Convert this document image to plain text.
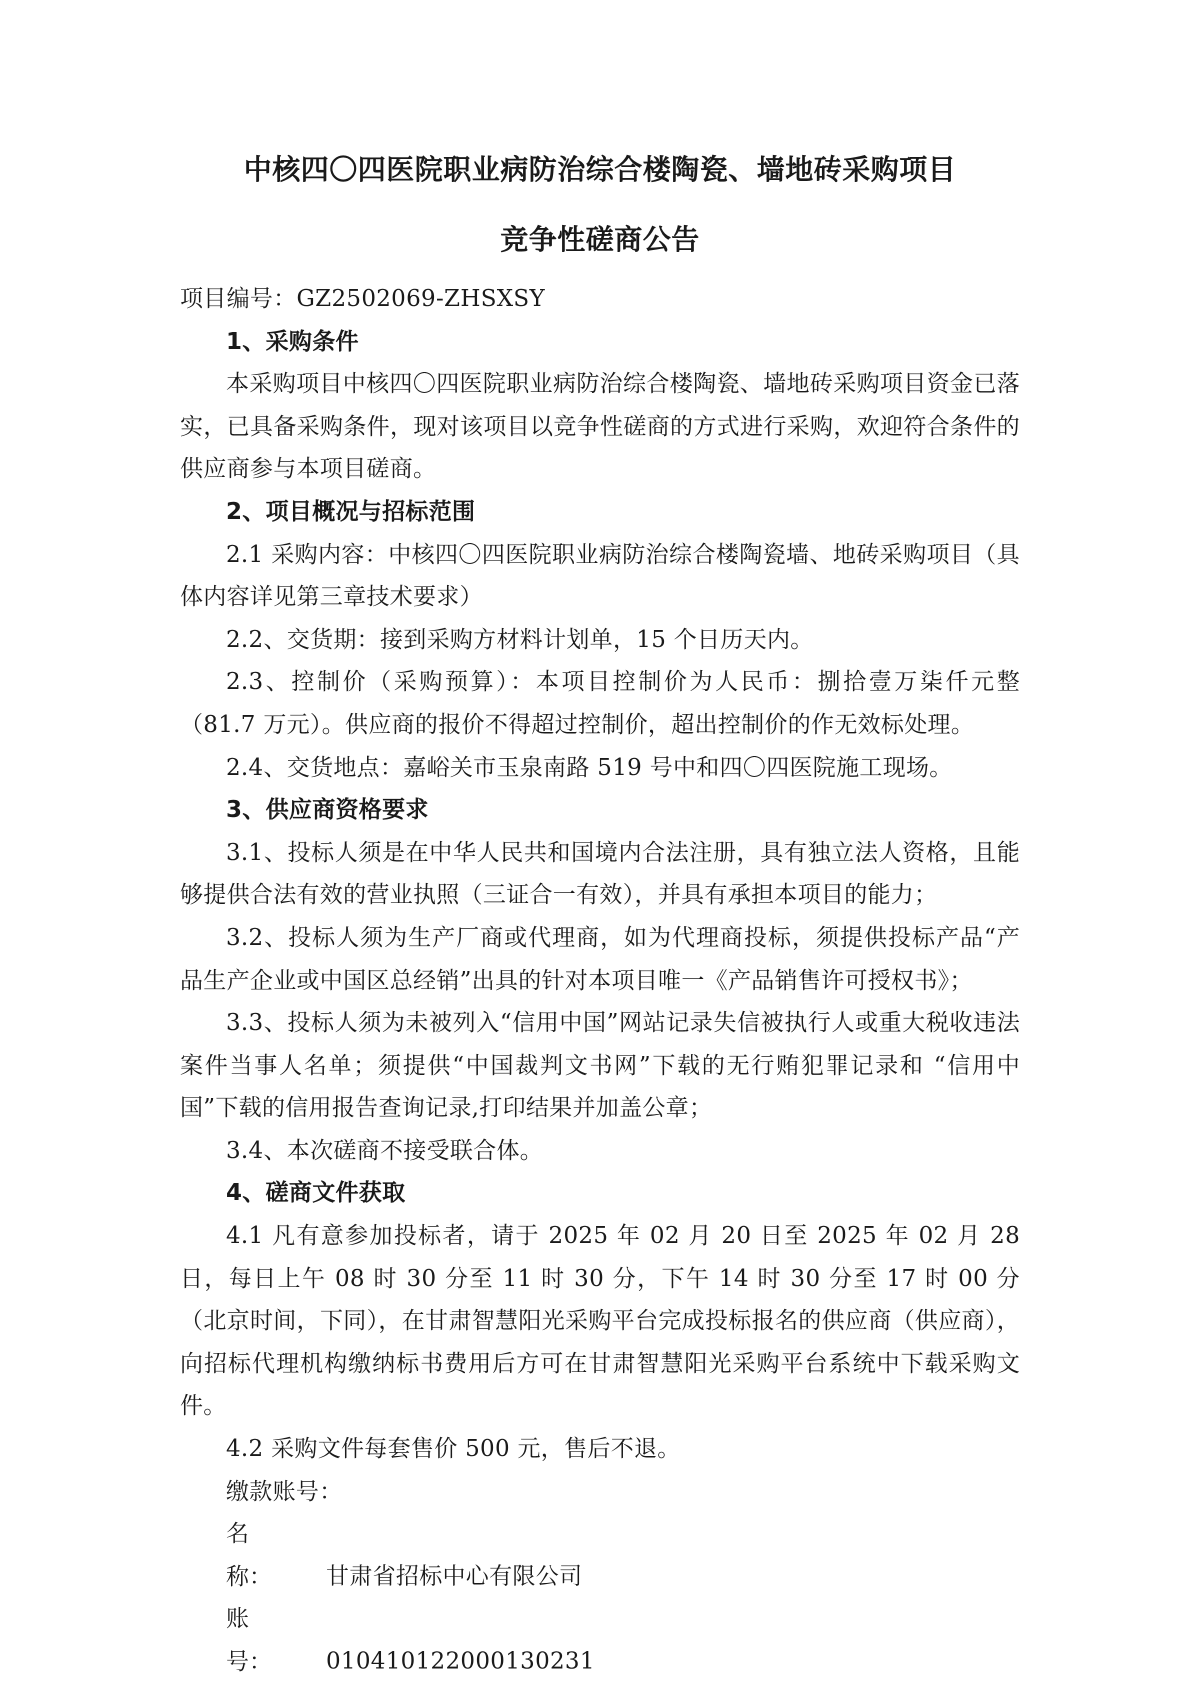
中核四〇四医院职业病防治综合楼陶瓷、墙地砖采购项目
竞争性磋商公告

项目编号：GZ2502069-ZHSXSY

1、采购条件

本采购项目中核四〇四医院职业病防治综合楼陶瓷、墙地砖采购项目资金已落实，已具备采购条件，现对该项目以竞争性磋商的方式进行采购，欢迎符合条件的供应商参与本项目磋商。

2、项目概况与招标范围

2.1 采购内容：中核四〇四医院职业病防治综合楼陶瓷墙、地砖采购项目（具体内容详见第三章技术要求）

2.2、交货期：接到采购方材料计划单，15 个日历天内。

2.3、控制价（采购预算）：本项目控制价为人民币：捌拾壹万柒仟元整（81.7 万元）。供应商的报价不得超过控制价，超出控制价的作无效标处理。

2.4、交货地点：嘉峪关市玉泉南路 519 号中和四〇四医院施工现场。

3、供应商资格要求

3.1、投标人须是在中华人民共和国境内合法注册，具有独立法人资格，且能够提供合法有效的营业执照（三证合一有效），并具有承担本项目的能力；

3.2、投标人须为生产厂商或代理商，如为代理商投标，须提供投标产品“产品生产企业或中国区总经销”出具的针对本项目唯一《产品销售许可授权书》；

3.3、投标人须为未被列入“信用中国”网站记录失信被执行人或重大税收违法案件当事人名单；须提供“中国裁判文书网”下载的无行贿犯罪记录和 “信用中国”下载的信用报告查询记录,打印结果并加盖公章；

3.4、本次磋商不接受联合体。

4、磋商文件获取

4.1 凡有意参加投标者，请于 2025 年 02 月 20 日至 2025 年 02 月 28 日，每日上午 08 时 30 分至 11 时 30 分，下午 14 时 30 分至 17 时 00 分（北京时间，下同），在甘肃智慧阳光采购平台完成投标报名的供应商（供应商），向招标代理机构缴纳标书费用后方可在甘肃智慧阳光采购平台系统中下载采购文件。

4.2 采购文件每套售价 500 元，售后不退。

缴款账号：

名称： 甘肃省招标中心有限公司

账号： 010410122000130231
